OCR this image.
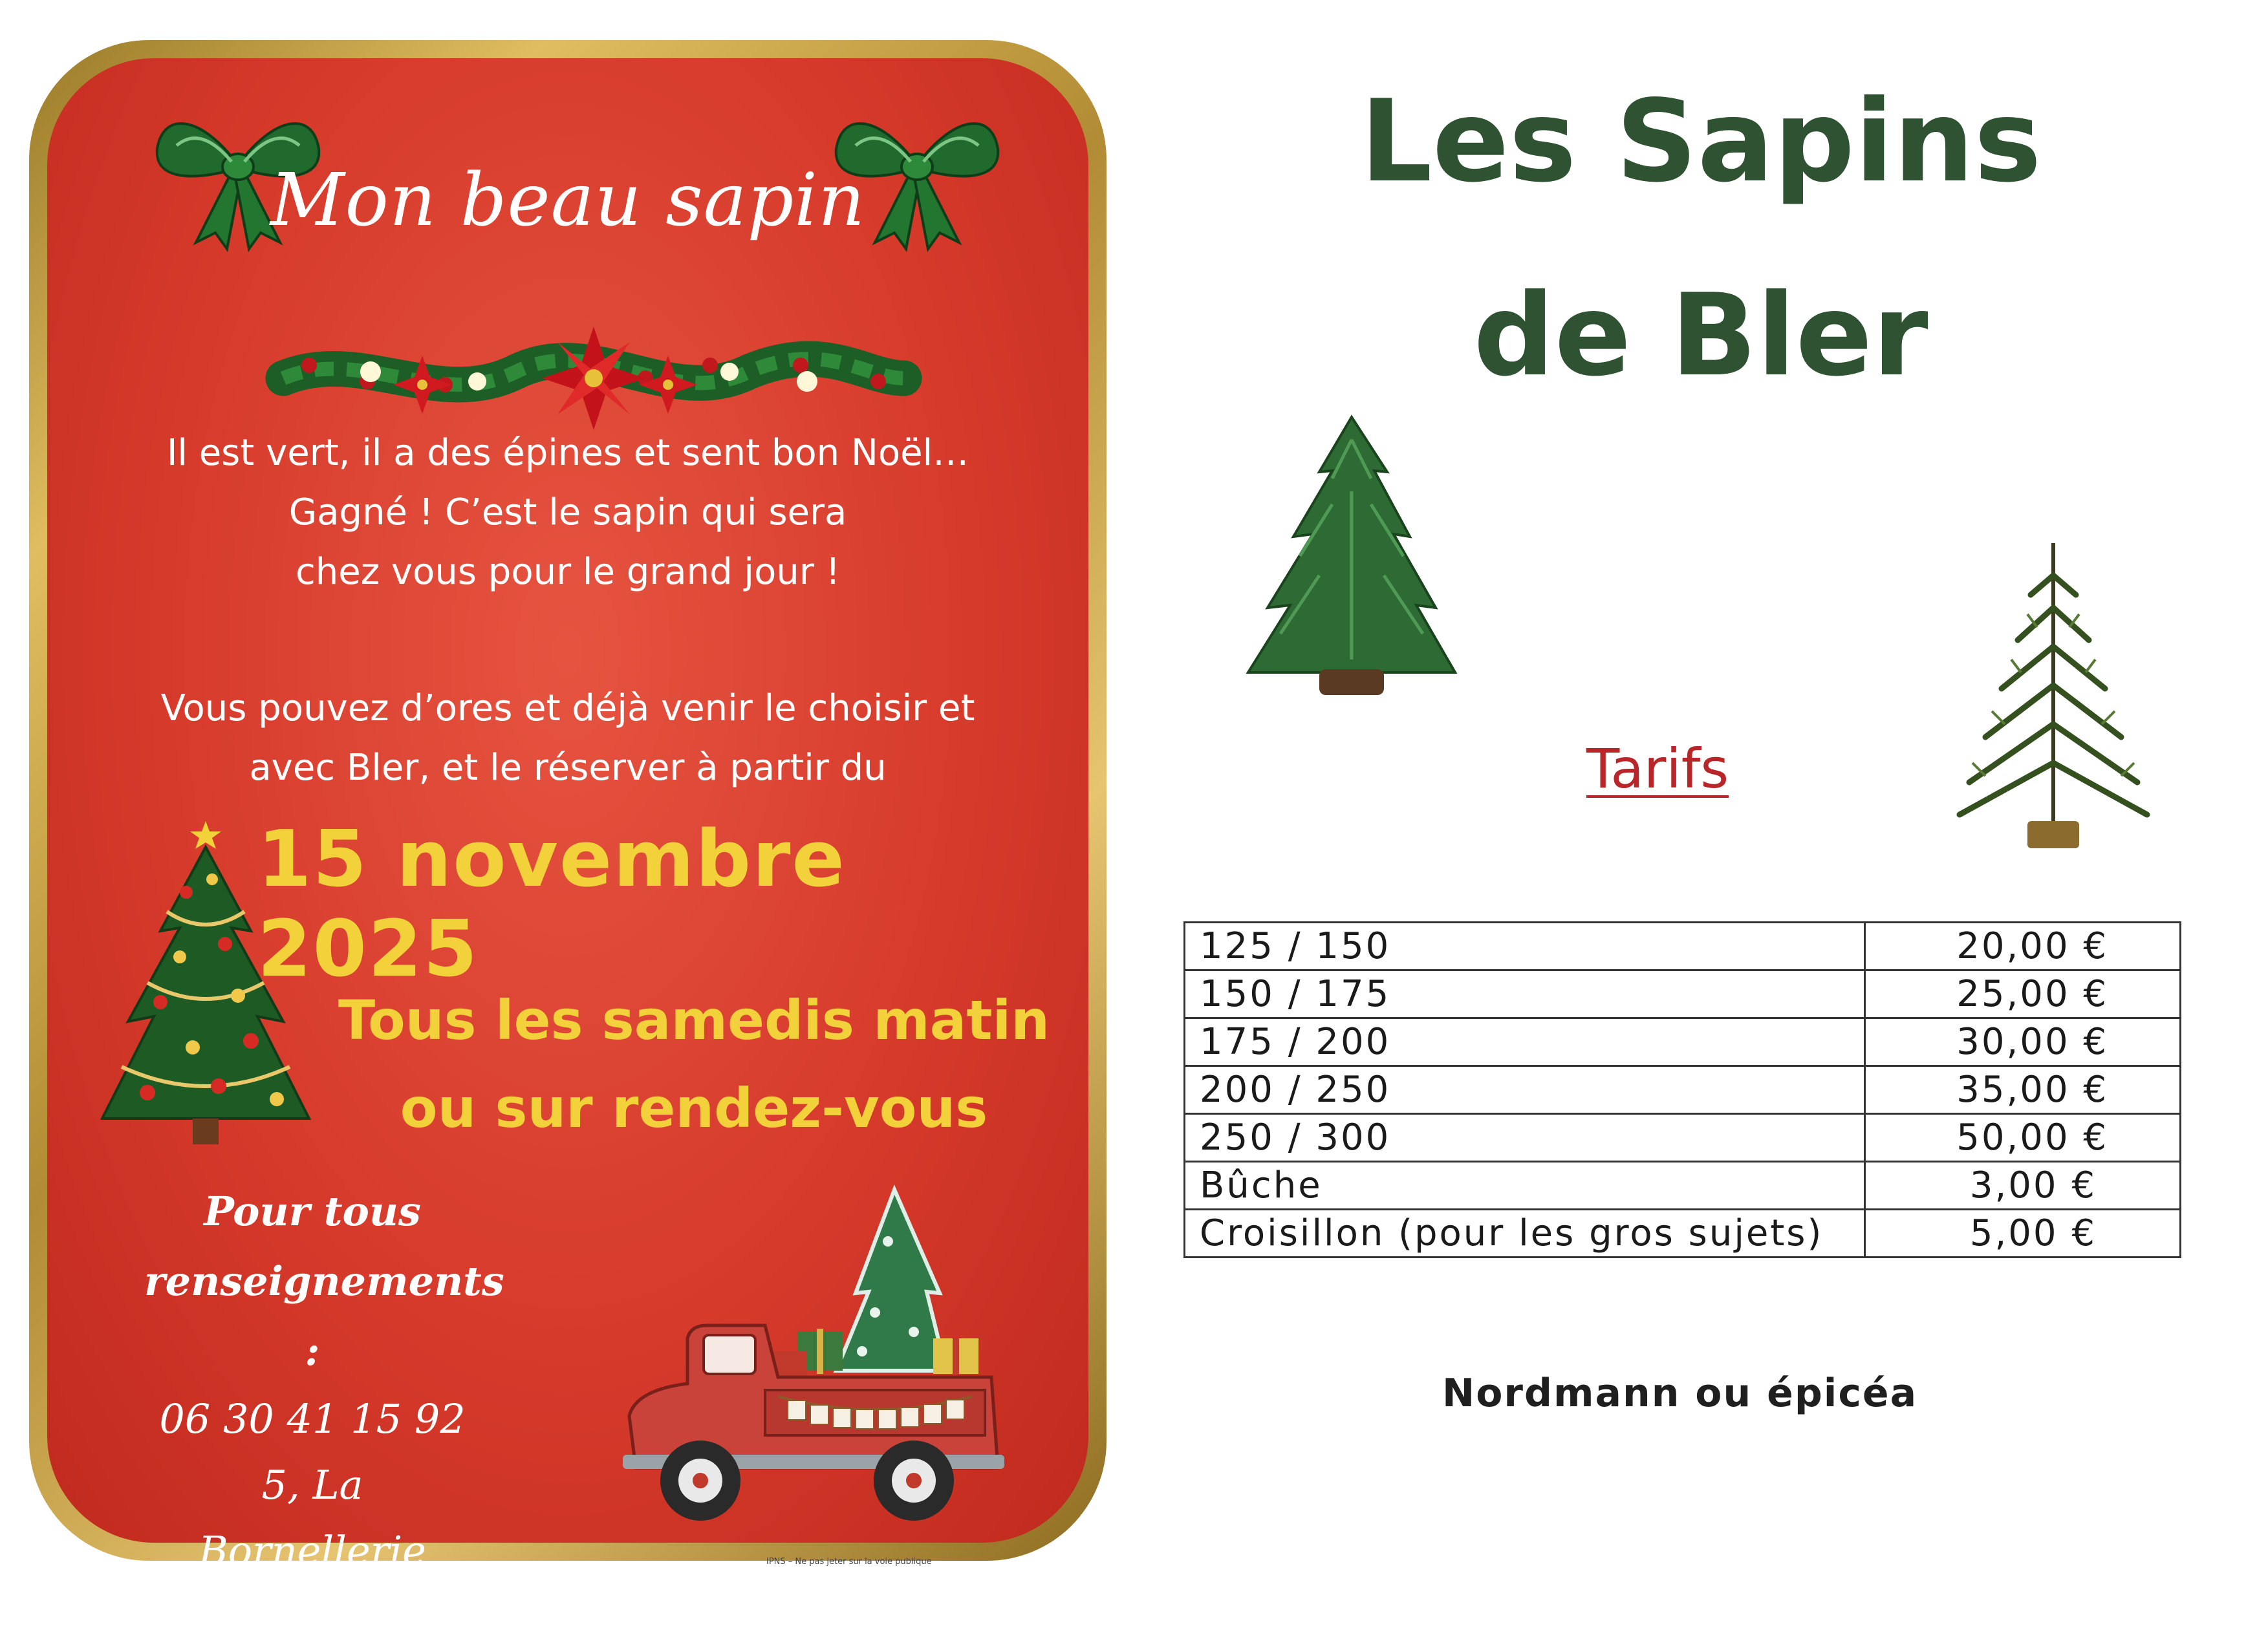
Mon beau sapin
Il est vert, il a des épines et sent bon Noël…
Gagné ! C’est le sapin qui sera
chez vous pour le grand jour !
Vous pouvez d’ores et déjà venir le choisir et
avec Bler, et le réserver à partir du
15 novembre 2025
Tous les samedis matin
ou sur rendez-vous
Pour tous
renseignements :
06 30 41 15 92
5, La Bornellerie
36600 Langé
IPNS – Ne pas jeter sur la voie publique
Les Sapins
de Bler
Tarifs
125 / 150	20,00 €
150 / 175	25,00 €
175 / 200	30,00 €
200 / 250	35,00 €
250 / 300	50,00 €
Bûche	3,00 €
Croisillon (pour les gros sujets)	5,00 €
Nordmann ou épicéa
